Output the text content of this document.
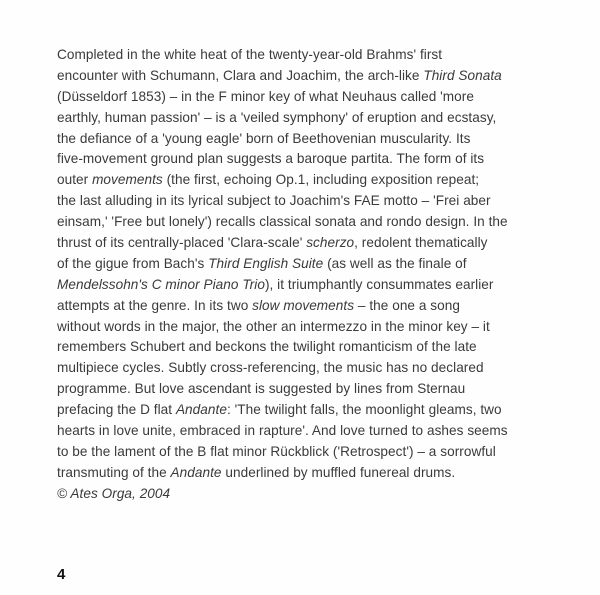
Completed in the white heat of the twenty-year-old Brahms' first
encounter with Schumann, Clara and Joachim, the arch-like Third Sonata
(Düsseldorf 1853) – in the F minor key of what Neuhaus called 'more
earthly, human passion' – is a 'veiled symphony' of eruption and ecstasy,
the defiance of a 'young eagle' born of Beethovenian muscularity. Its
five-movement ground plan suggests a baroque partita. The form of its
outer movements (the first, echoing Op.1, including exposition repeat;
the last alluding in its lyrical subject to Joachim's FAE motto – 'Frei aber
einsam,' 'Free but lonely') recalls classical sonata and rondo design. In the
thrust of its centrally-placed 'Clara-scale' scherzo, redolent thematically
of the gigue from Bach's Third English Suite (as well as the finale of
Mendelssohn's C minor Piano Trio), it triumphantly consummates earlier
attempts at the genre. In its two slow movements – the one a song
without words in the major, the other an intermezzo in the minor key – it
remembers Schubert and beckons the twilight romanticism of the late
multipiece cycles. Subtly cross-referencing, the music has no declared
programme. But love ascendant is suggested by lines from Sternau
prefacing the D flat Andante: 'The twilight falls, the moonlight gleams, two
hearts in love unite, embraced in rapture'. And love turned to ashes seems
to be the lament of the B flat minor Rückblick ('Retrospect') – a sorrowful
transmuting of the Andante underlined by muffled funereal drums.
© Ates Orga, 2004
4
